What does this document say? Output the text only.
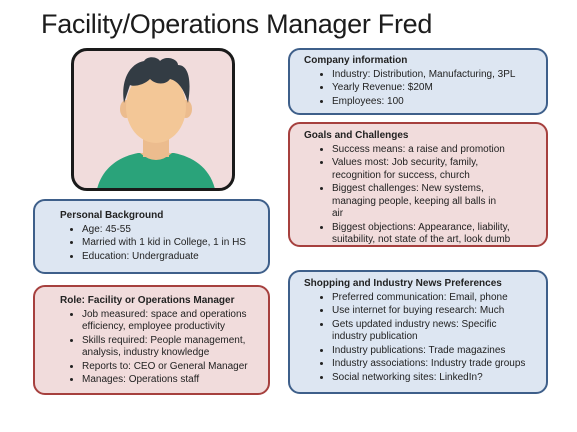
Facility/Operations Manager Fred
Company information
• Industry: Distribution, Manufacturing, 3PL
• Yearly Revenue: $20M
• Employees: 100
Goals and Challenges
• Success means: a raise and promotion
• Values most: Job security, family, recognition for success, church
• Biggest challenges: New systems, managing people, keeping all balls in air
• Biggest objections: Appearance, liability, suitability, not state of the art, look dumb
Personal Background
• Age: 45-55
• Married with 1 kid in College, 1 in HS
• Education: Undergraduate
Role: Facility or Operations Manager
• Job measured: space and operations efficiency, employee productivity
• Skills required: People management, analysis, industry knowledge
• Reports to: CEO or General Manager
• Manages: Operations staff
Shopping and Industry News Preferences
• Preferred communication: Email, phone
• Use internet for buying research: Much
• Gets updated industry news: Specific industry publication
• Industry publications: Trade magazines
• Industry associations: Industry trade groups
• Social networking sites: LinkedIn?
